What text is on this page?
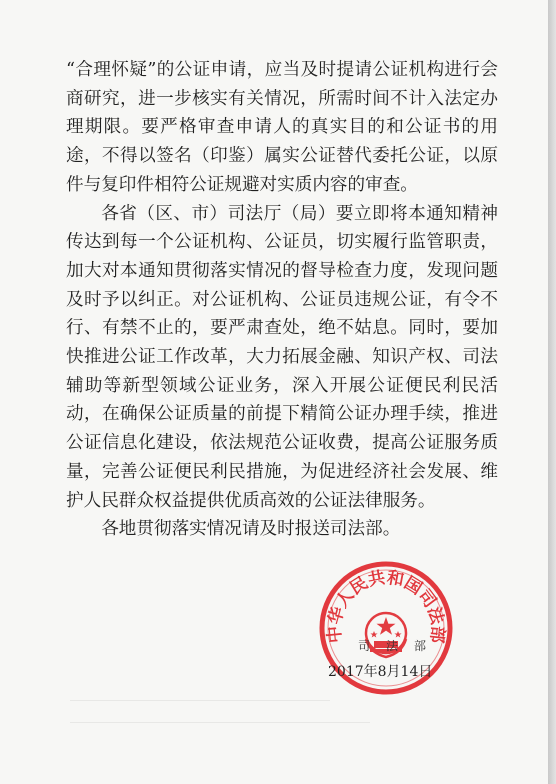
“合理怀疑”的公证申请，应当及时提请公证机构进行会商研究，进一步核实有关情况，所需时间不计入法定办理期限。要严格审查申请人的真实目的和公证书的用途，不得以签名（印鉴）属实公证替代委托公证，以原件与复印件相符公证规避对实质内容的审查。

各省（区、市）司法厅（局）要立即将本通知精神传达到每一个公证机构、公证员，切实履行监管职责，加大对本通知贯彻落实情况的督导检查力度，发现问题及时予以纠正。对公证机构、公证员违规公证，有令不行、有禁不止的，要严肃查处，绝不姑息。同时，要加快推进公证工作改革，大力拓展金融、知识产权、司法辅助等新型领域公证业务，深入开展公证便民利民活动，在确保公证质量的前提下精简公证办理手续，推进公证信息化建设，依法规范公证收费，提高公证服务质量，完善公证便民利民措施，为促进经济社会发展、维护人民群众权益提供优质高效的公证法律服务。

各地贯彻落实情况请及时报送司法部。

中华人民共和国司法部
司法部
2017年8月14日
